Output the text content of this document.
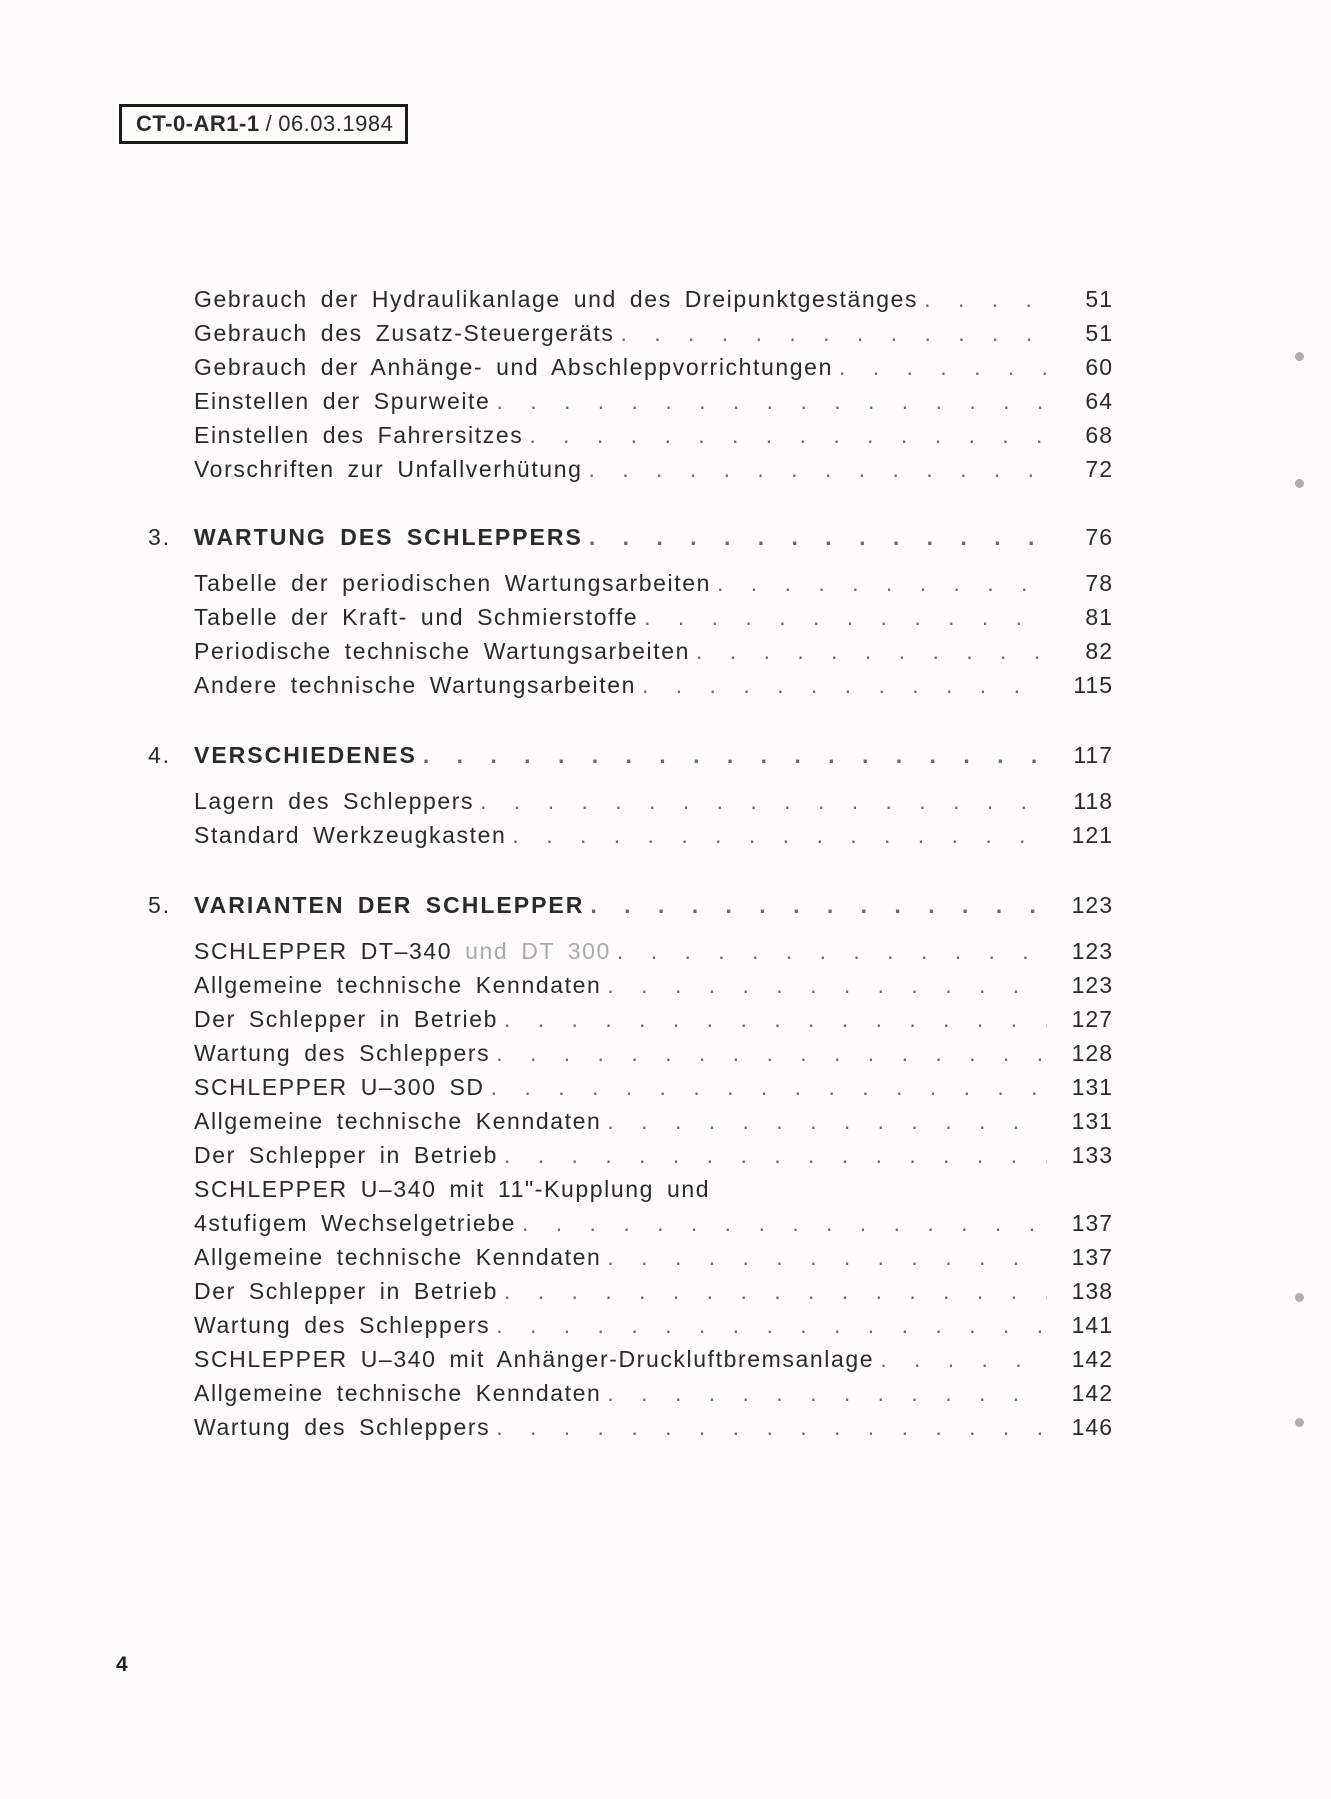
CT-0-AR1-1 / 06.03.1984
Gebrauch der Hydraulikanlage und des Dreipunktgestänges . . .	51
Gebrauch des Zusatz-Steuergeräts . . .	51
Gebrauch der Anhänge- und Abschleppvorrichtungen . . .	60
Einstellen der Spurweite . . .	64
Einstellen des Fahrersitzes . . .	68
Vorschriften zur Unfallverhütung . . .	72
3. WARTUNG DES SCHLEPPERS . . .	76
Tabelle der periodischen Wartungsarbeiten . . .	78
Tabelle der Kraft- und Schmierstoffe . . .	81
Periodische technische Wartungsarbeiten . . .	82
Andere technische Wartungsarbeiten . . .	115
4. VERSCHIEDENES . . .	117
Lagern des Schleppers . . .	118
Standard Werkzeugkasten . . .	121
5. VARIANTEN DER SCHLEPPER . . .	123
SCHLEPPER DT–340 und DT 300 . . .	123
Allgemeine technische Kenndaten . . .	123
Der Schlepper in Betrieb . . .	127
Wartung des Schleppers . . .	128
SCHLEPPER U–300 SD . . .	131
Allgemeine technische Kenndaten . . .	131
Der Schlepper in Betrieb . . .	133
SCHLEPPER U–340 mit 11"-Kupplung und
4stufigem Wechselgetriebe . . .	137
Allgemeine technische Kenndaten . . .	137
Der Schlepper in Betrieb . . .	138
Wartung des Schleppers . . .	141
SCHLEPPER U–340 mit Anhänger-Druckluftbremsanlage . . .	142
Allgemeine technische Kenndaten . . .	142
Wartung des Schleppers . . .	146
4
